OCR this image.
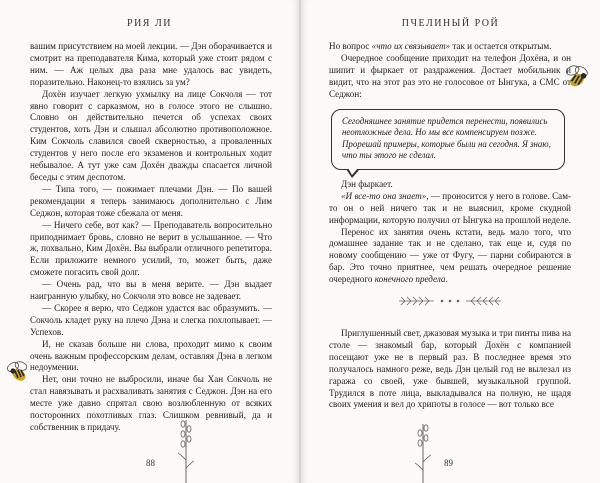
РИЯ ЛИ

вашим присутствием на моей лекции. — Дэн оборачивается и смотрит на преподавателя Кима, который уже стоит рядом с ним. — Аж целых два раза мне удалось вас увидеть, поразительно. Наконец-то взялись за ум?

Дохён изучает легкую ухмылку на лице Сокчоля — тот явно говорит с сарказмом, но в голосе этого не слышно. Словно он действительно печется об успехах своих студентов, хоть Дэн и слышал абсолютно противоположное. Ким Сокчоль славился своей скверностью, а проваленных студентов у него после его экзаменов и контрольных ходит небывалое. А тут уже сам Дохён дважды спасается личной беседы с этим деспотом.

— Типа того, — пожимает плечами Дэн. — По вашей рекомендации я теперь занимаюсь дополнительно с Лим Седжон, которая тоже сбежала от меня.

— Ничего себе, вот как? — Преподаватель вопросительно приподнимает бровь, словно не верит в услышанное. — Что ж, похвально, Ким Дохён. Вы выбрали отличного репетитора. Если приложите немного усилий, то, может быть, даже сможете погасить свой долг.

— Очень рад, что вы в меня верите. — Дэн выдает наигранную улыбку, но Сокчоля это вовсе не задевает.

— Скорее я верю, что Седжон удастся вас образумить. — Сокчоль кладет руку на плечо Дэна и слегка похлопывает. — Успехов.

И, не сказав больше ни слова, проходит мимо к своим очень важным профессорским делам, оставляя Дэна в легком недоумении.

Нет, они точно не выбросили, иначе бы Хан Сокчоль не стал навязывать и расхваливать занятия с Седжон. Дэн на его месте уже давно спрятал свою возлюбленную от всяких посторонних похотливых глаз. Слишком ревнивый, да и собственник в придачу.

88
ПЧЕЛИНЫЙ РОЙ

Но вопрос «что их связывает» так и остается открытым.

Очередное сообщение приходит на телефон Дохёна, и он шипит и фыркает от раздражения. Достает мобильник и видит, что на этот раз это не голосовое от Ынгука, а СМС от Седжон:

Сегодняшнее занятие придется перенести, появились неотложные дела. Но мы все компенсируем позже. Прорешай примеры, которые были на сегодня. Я знаю, что ты этого не сделал.

Дэн фыркает.

«И все-то она знает», — проносится у него в голове. Сам-то он о ней ничего так и не выяснил, кроме скудной информации, которую получил от Ынгука на прошлой неделе.

Перенос их занятия очень кстати, ведь мало того, что домашнее задание так и не сделано, так еще и, судя по новому сообщению — уже от Фугу, — парни собираются в бар. Это точно приятнее, чем решать очередное решение очередного конечного предела.

Приглушенный свет, джазовая музыка и три пинты пива на столе — знакомый бар, который Дохён с компанией посещают уже не в первый раз. В последнее время это получалось намного реже, ведь Дэн целый год не вылезал из гаража со своей, уже бывшей, музыкальной группой. Трудился в поте лица, выкладывался на полную, не щадя своих умения и вел до хрипоты в голосе — вот только все

89
